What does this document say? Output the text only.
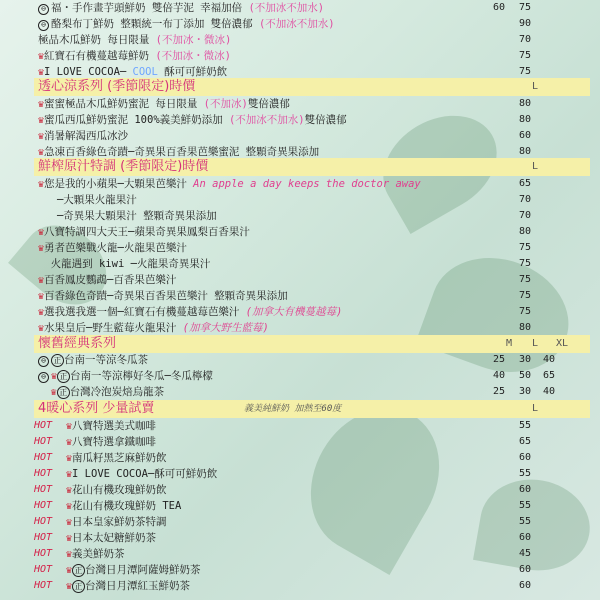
⊖ 福・手作畫芋頭鮮奶 雙倍芋泥 幸福加倍 (不加冰不加水)	60	75
⊖ 酪梨布丁鮮奶 整顆統一布丁添加 雙倍濃郁 (不加冰不加水)	90
極品木瓜鮮奶 每日限量 (不加冰・微冰)	70
♛紅寶石有機蔓越莓鮮奶 (不加冰・微冰)	75
♛I LOVE COCOA─ COOL 酥可可鮮奶飲	75
透心涼系列 (季節限定)時價	L
♛蜜蜜極品木瓜鮮奶蜜泥 每日限量 (不加冰)雙倍濃郁	80
♛蜜瓜西瓜鮮奶蜜泥 100%義美鮮奶添加 (不加冰不加水)雙倍濃郁	80
♛消暑解渴西瓜冰沙	60
♛急凍百香綠色奇蹟─奇異果百香果芭樂蜜泥 整顆奇異果添加	80
鮮榨原汁特調 (季節限定)時價	L
♛您是我的小蘋果─大顆果芭樂汁 An apple a day keeps the doctor away	65
─大顆果火龍果汁	70
─奇異果大顆果汁 整顆奇異果添加	70
♛八寶特調四大天王─蘋果奇異果鳳梨百香果汁	80
♛勇者芭樂戰火龍─火龍果芭樂汁	75
火龍遇到 kiwi ─火龍果奇異果汁	75
♛百香鳳皮鸚鵡─百香果芭樂汁	75
♛百香綠色奇蹟─奇異果百香果芭樂汁 整顆奇異果添加	75
♛選我選我選一個─紅寶石有機蔓越莓芭樂汁 (加拿大有機蔓越莓)	75
♛水果皇后─野生藍莓火龍果汁 (加拿大野生藍莓)	80
懷舊經典系列	M L XL
⊖ 正 台南一等涼冬瓜茶	25	30	40
⊖ ♛ 正 台南一等涼檸好冬瓜─冬瓜檸檬	40	50	65
♛ 正 台灣冷泡炭焙烏龍茶	25	30	40
4暖心系列 少量試賣	義美純鮮奶 加熱至60度	L
HOT ♛八寶特選美式咖啡	55
HOT ♛八寶特選拿鐵咖啡	65
HOT ♛南瓜籽黑芝麻鮮奶飲	60
HOT ♛I LOVE COCOA─酥可可鮮奶飲	55
HOT ♛花山有機玫瑰鮮奶飲	60
HOT ♛花山有機玫瑰鮮奶 TEA	55
HOT ♛日本皇家鮮奶茶特調	55
HOT ♛日本太妃糖鮮奶茶	60
HOT ♛義美鮮奶茶	45
HOT ♛ 正 台灣日月潭阿薩姆鮮奶茶	60
HOT ♛ 正 台灣日月潭紅玉鮮奶茶	60
